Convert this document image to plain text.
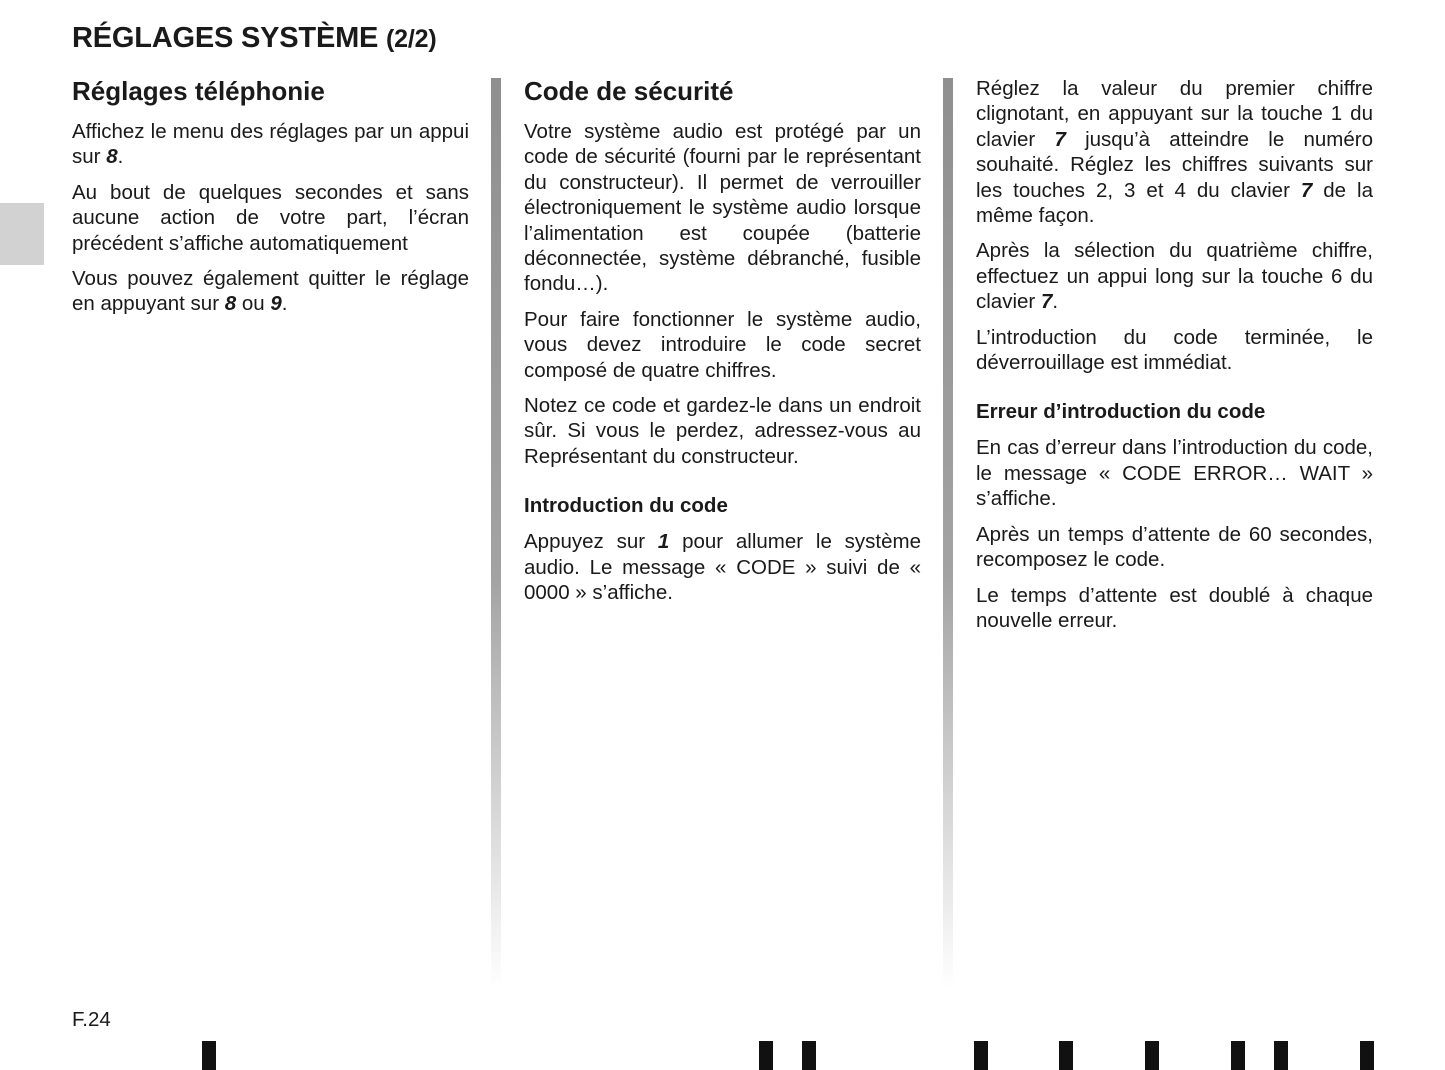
RÉGLAGES SYSTÈME (2/2)
Réglages téléphonie

Affichez le menu des réglages par un appui sur 8.

Au bout de quelques secondes et sans aucune action de votre part, l’écran précédent s’affiche automatiquement

Vous pouvez également quitter le réglage en appuyant sur 8 ou 9.

Code de sécurité

Votre système audio est protégé par un code de sécurité (fourni par le représentant du constructeur). Il permet de verrouiller électroniquement le système audio lorsque l’alimentation est coupée (batterie déconnectée, système débranché, fusible fondu…).

Pour faire fonctionner le système audio, vous devez introduire le code secret composé de quatre chiffres.

Notez ce code et gardez-le dans un endroit sûr. Si vous le perdez, adressez-vous au Représentant du constructeur.

Introduction du code

Appuyez sur 1 pour allumer le système audio. Le message « CODE » suivi de « 0000 » s’affiche.

Réglez la valeur du premier chiffre clignotant, en appuyant sur la touche 1 du clavier 7 jusqu’à atteindre le numéro souhaité. Réglez les chiffres suivants sur les touches 2, 3 et 4 du clavier 7 de la même façon.

Après la sélection du quatrième chiffre, effectuez un appui long sur la touche 6 du clavier 7.

L’introduction du code terminée, le déverrouillage est immédiat.

Erreur d’introduction du code

En cas d’erreur dans l’introduction du code, le message « CODE ERROR… WAIT » s’affiche.

Après un temps d’attente de 60 secondes, recomposez le code.

Le temps d’attente est doublé à chaque nouvelle erreur.

F.24
